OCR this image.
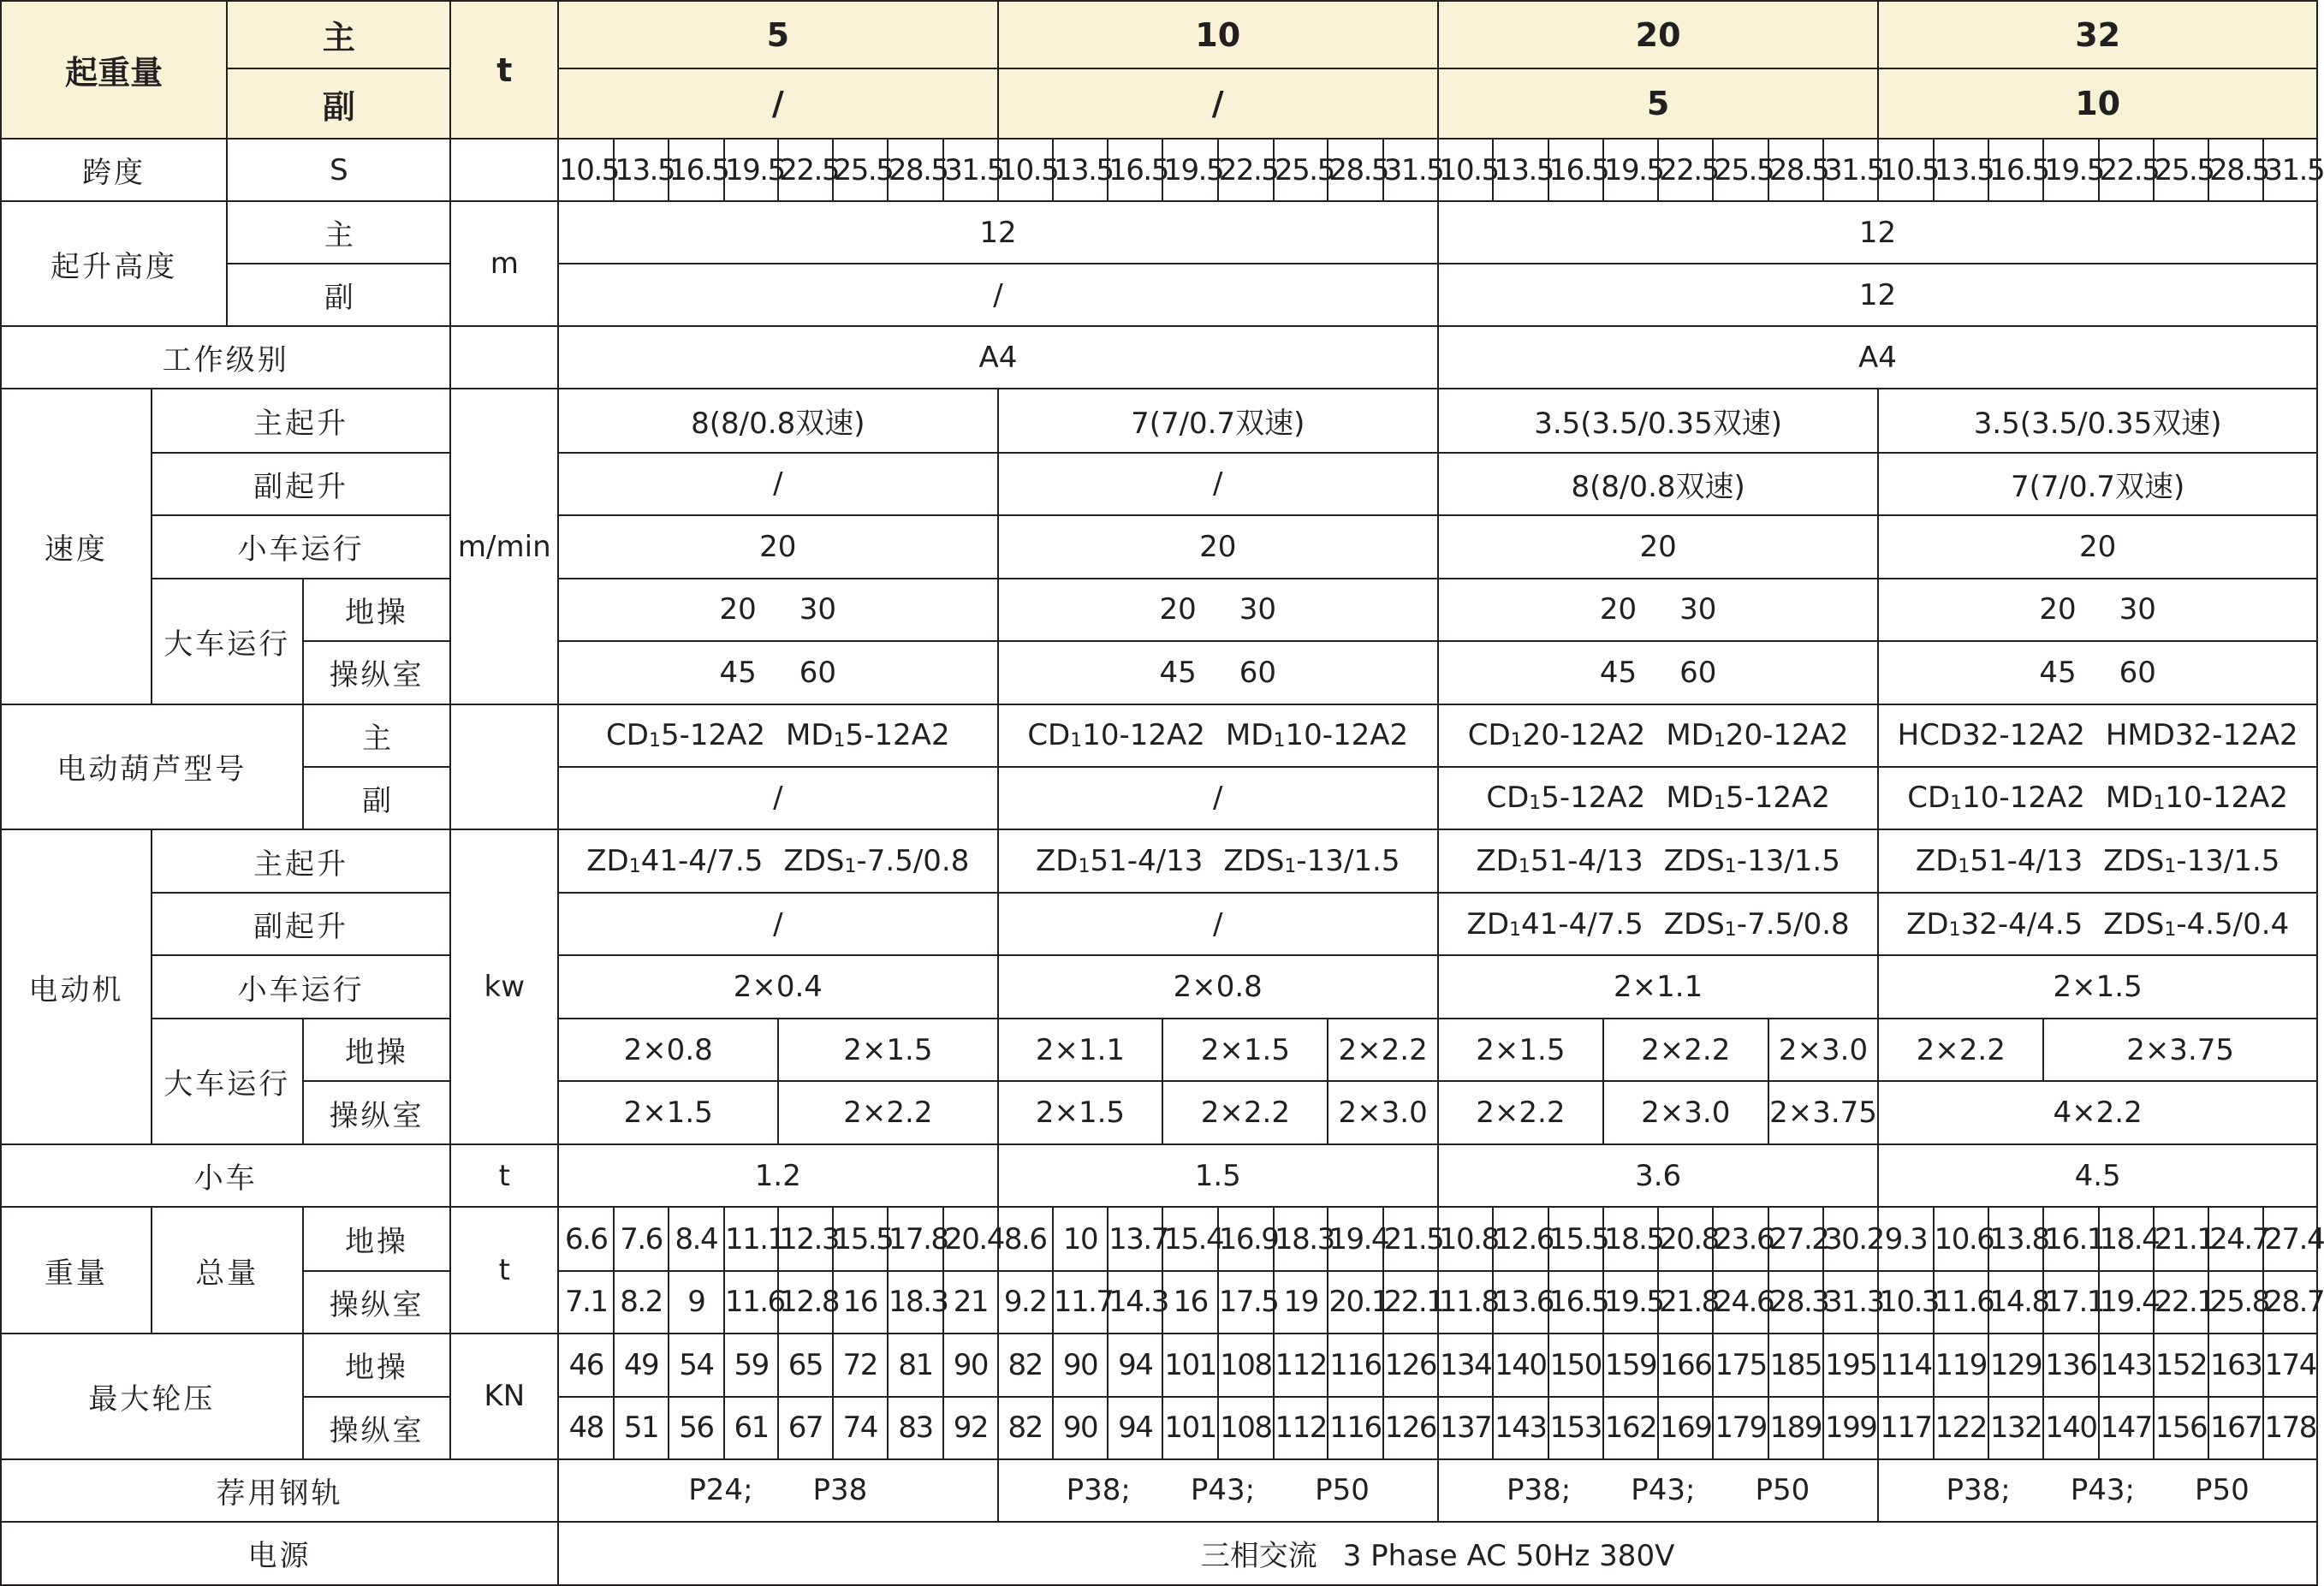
起重量		主		t	5								10								20								32							
		副			/								/								5								10							
跨度		S			10.5	13.5	16.5	19.5	22.5	25.5	28.5	31.5	10.5	13.5	16.5	19.5	22.5	25.5	28.5	31.5	10.5	13.5	16.5	19.5	22.5	25.5	28.5	31.5	10.5	13.5	16.5	19.5	22.5	25.5	28.5	31.5
起升高度		主		m	12																12															
		副			/																12															
工作级别					A4																A4															
速度	主起升			m/min	8(8/0.8双速)								7(7/0.7双速)								3.5(3.5/0.35双速)								3.5(3.5/0.35双速)							
	副起升				/								/								8(8/0.8双速)								7(7/0.7双速)							
	小车运行				20								20								20								20							
	大车运行		地操		20 30								20 30								20 30								20 30							
			操纵室		45 60								45 60								45 60								45 60							
电动葫芦型号			主		$CD_15-12A2$ $MD_15-12A2$								$CD_110-12A2$ $MD_110-12A2$								$CD_120-12A2$ $MD_120-12A2$								HCD32-12A2 HMD32-12A2							
			副		/								/								$CD_15-12A2$ $MD_15-12A2$								$CD_110-12A2$ $MD_110-12A2$							
电动机	主起升			kw	$ZD_141-4/7.5$ $ZDS_1-7.5/0.8$								$ZD_151-4/13$ $ZDS_1-13/1.5$								$ZD_151-4/13$ $ZDS_1-13/1.5$								$ZD_151-4/13$ $ZDS_1-13/1.5$							
	副起升				/								/								$ZD_141-4/7.5$ $ZDS_1-7.5/0.8$								$ZD_132-4/4.5$ $ZDS_1-4.5/0.4$							
	小车运行				2×0.4								2×0.8								2×1.1								2×1.5							
	大车运行		地操		2×0.8				2×1.5				2×1.1			2×1.5			2×2.2		2×1.5			2×2.2			2×3.0		2×2.2			2×3.75				
			操纵室		2×1.5				2×2.2				2×1.5			2×2.2			2×3.0		2×2.2			2×3.0			2×3.75		4×2.2							
小车				t	1.2								1.5								3.6								4.5							
重量	总量		地操	t	6.6	7.6	8.4	11.1	12.3	15.5	17.8	20.4	8.6	10	13.7	15.4	16.9	18.3	19.4	21.5	10.8	12.6	15.5	18.5	20.8	23.6	27.2	30.2	9.3	10.6	13.8	16.1	18.4	21.1	24.7	27.4
			操纵室		7.1	8.2	9	11.6	12.8	16	18.3	21	9.2	11.7	14.3	16	17.5	19	20.1	22.1	11.8	13.6	16.5	19.5	21.8	24.6	28.3	31.3	10.3	11.6	14.8	17.1	19.4	22.1	25.8	28.7
最大轮压			地操	KN	46	49	54	59	65	72	81	90	82	90	94	101	108	112	116	126	134	140	150	159	166	175	185	195	114	119	129	136	143	152	163	174
			操纵室		48	51	56	61	67	74	83	92	82	90	94	101	108	112	116	126	137	143	153	162	169	179	189	199	117	122	132	140	147	156	167	178
荐用钢轨					P24; P38								P38; P43; P50								P38; P43; P50								P38; P43; P50							
电源					三相交流 3 Phase AC 50Hz 380V																															
